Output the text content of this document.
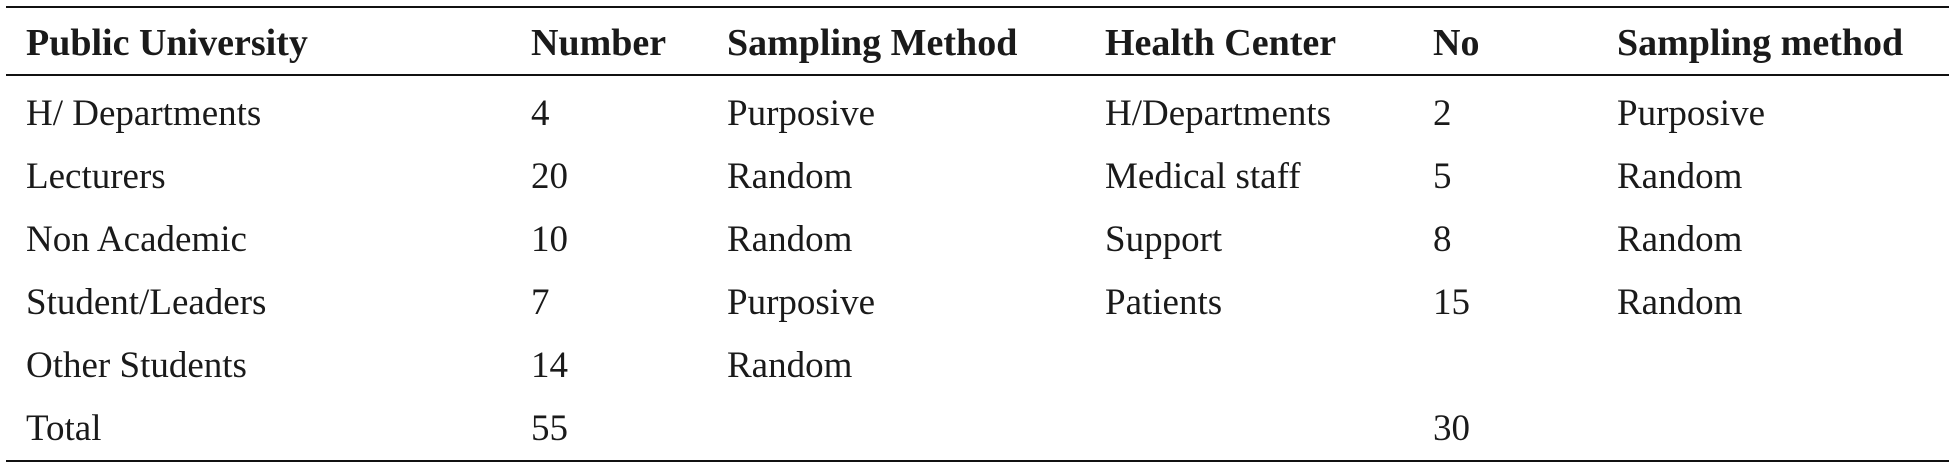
Public University	Number	Sampling Method	Health Center	No	Sampling method
H/ Departments	4	Purposive	H/Departments	2	Purposive
Lecturers	20	Random	Medical staff	5	Random
Non Academic	10	Random	Support	8	Random
Student/Leaders	7	Purposive	Patients	15	Random
Other Students	14	Random			
Total	55			30	
